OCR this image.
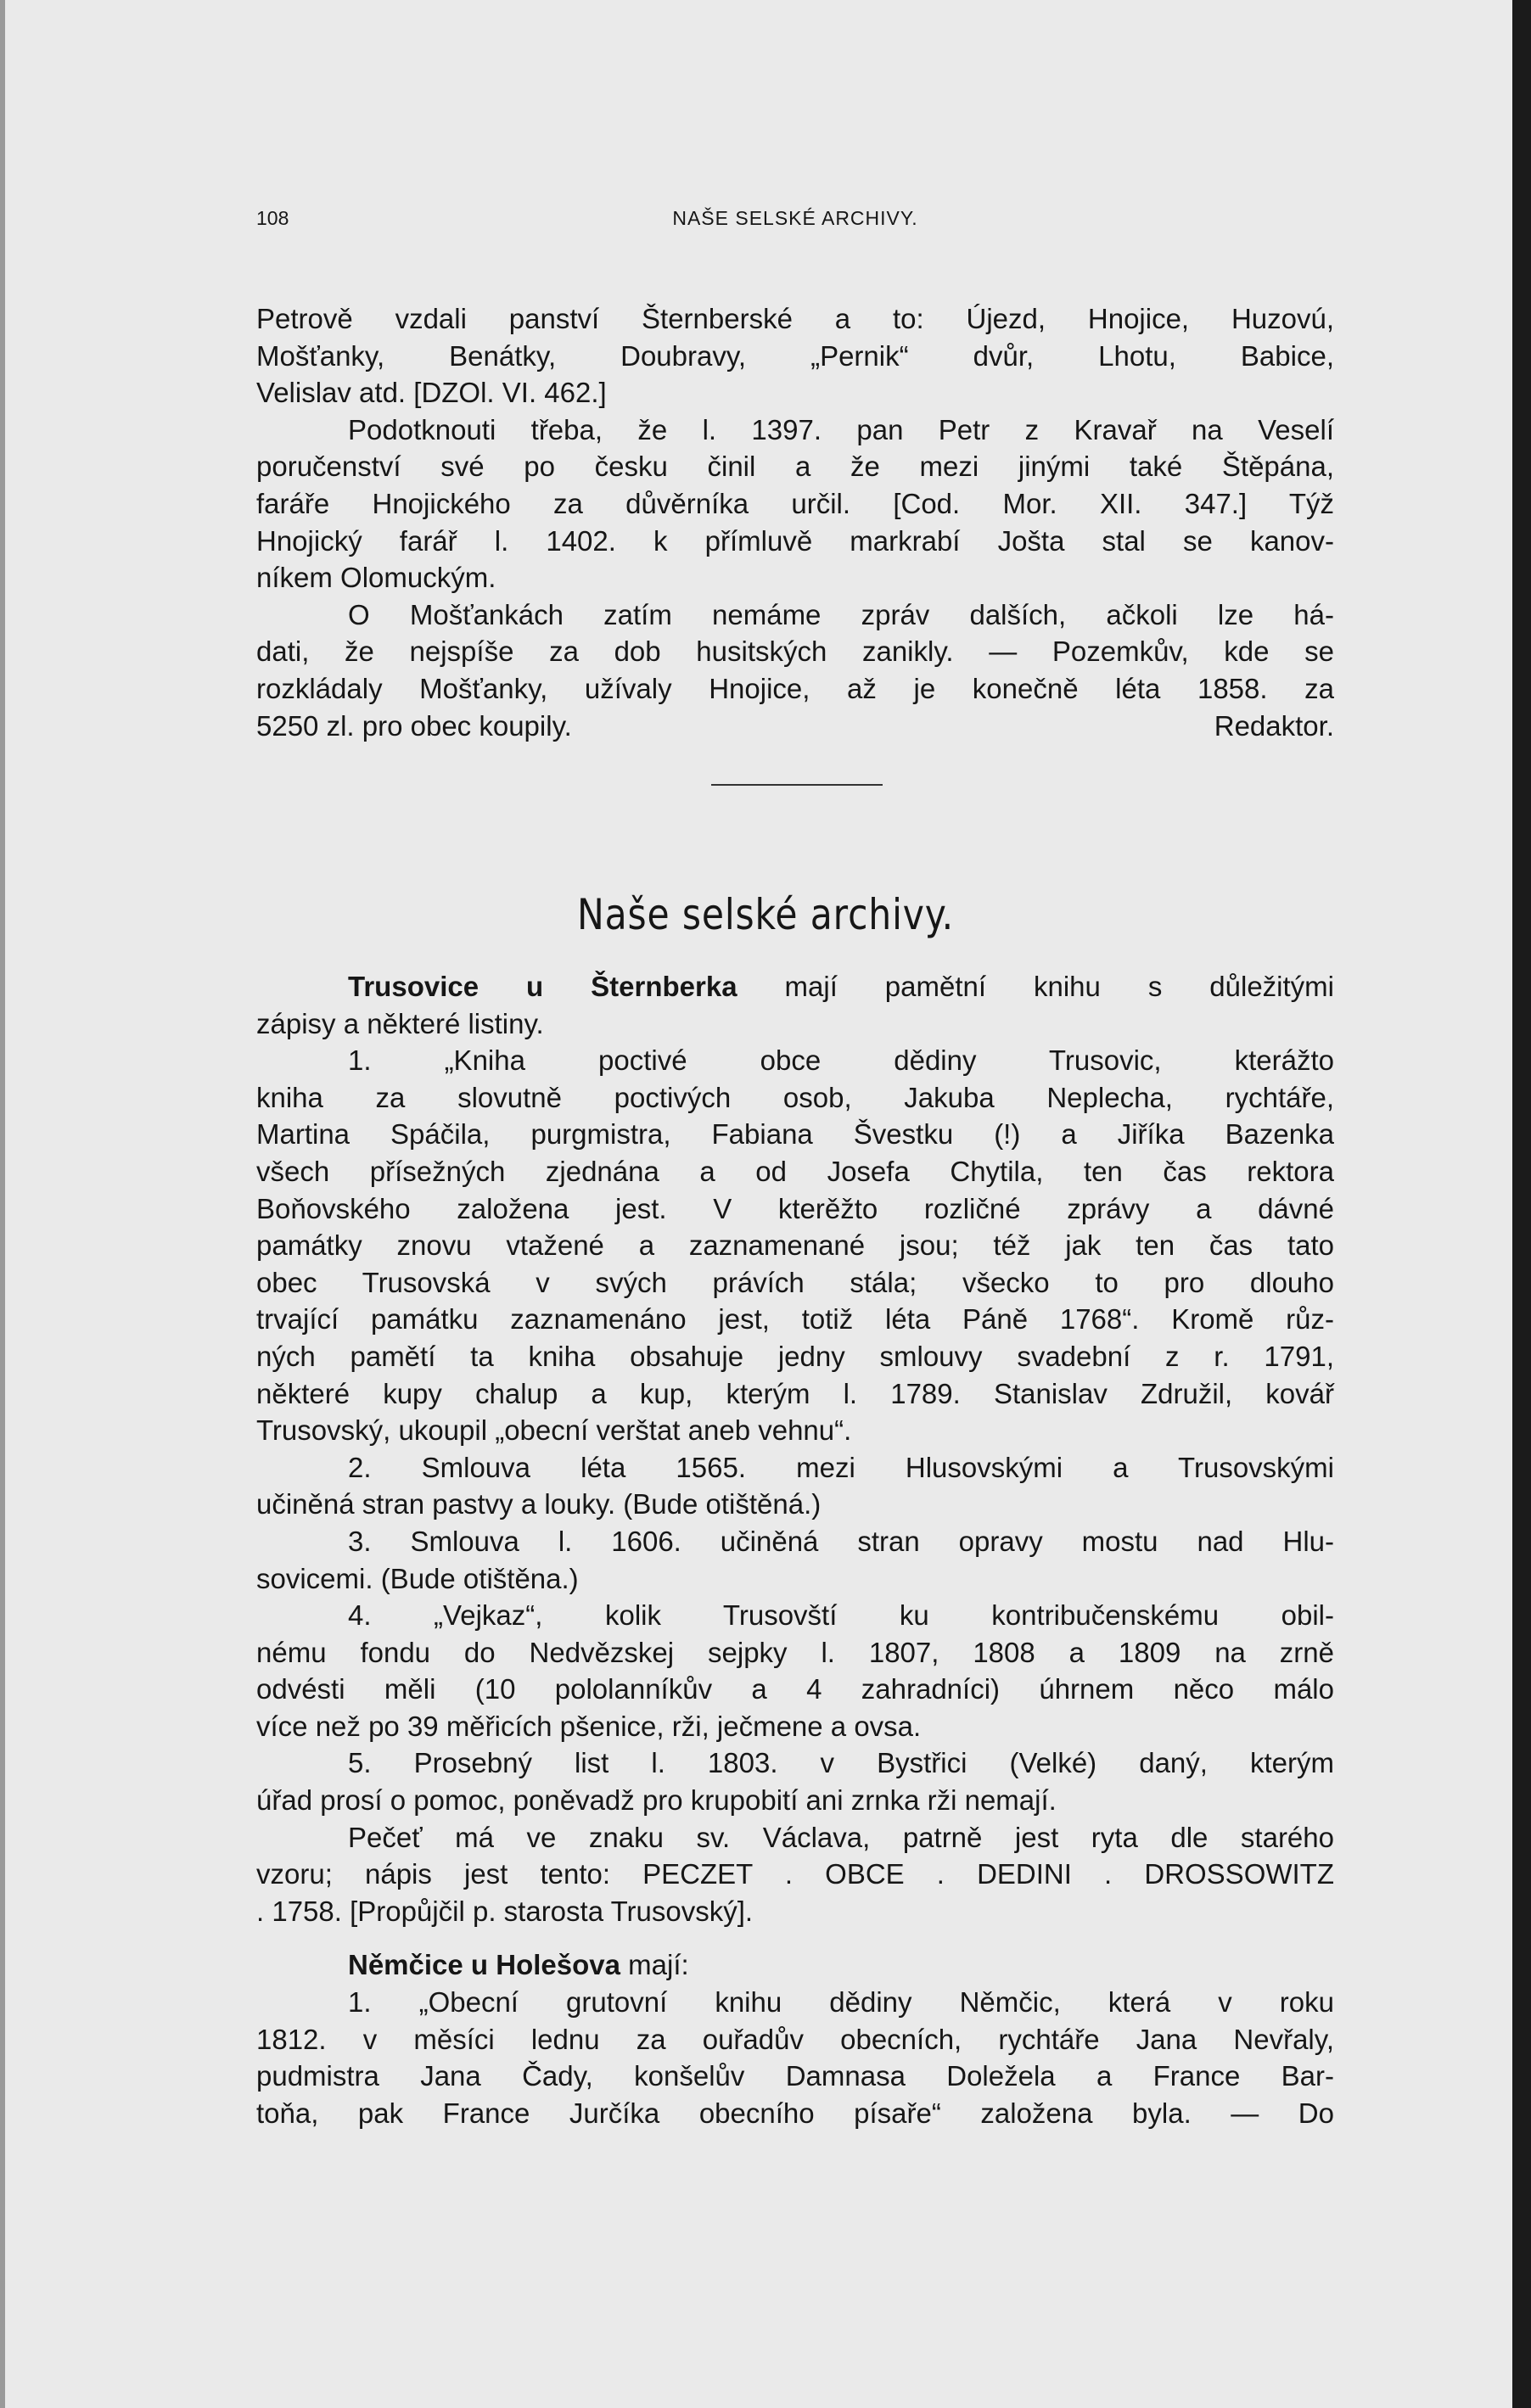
108	NAŠE SELSKÉ ARCHIVY.
Petrově vzdali panství Šternberské a to: Újezd, Hnojice, Huzovú,
Mošťanky, Benátky, Doubravy, „Pernik“ dvůr, Lhotu, Babice,
Velislav atd. [DZOl. VI. 462.]
Podotknouti třeba, že l. 1397. pan Petr z Kravař na Veselí
poručenství své po česku činil a že mezi jinými také Štěpána,
faráře Hnojického za důvěrníka určil. [Cod. Mor. XII. 347.] Týž
Hnojický farář l. 1402. k přímluvě markrabí Jošta stal se kanov-
níkem Olomuckým.
O Mošťankách zatím nemáme zpráv dalších, ačkoli lze há-
dati, že nejspíše za dob husitských zanikly. — Pozemkův, kde se
rozkládaly Mošťanky, užívaly Hnojice, až je konečně léta 1858. za
5250 zl. pro obec koupily.	Redaktor.
Naše selské archivy.
Trusovice u Šternberka mají pamětní knihu s důležitými
zápisy a některé listiny.
1. „Kniha poctivé obce dědiny Trusovic, kterážto
kniha za slovutně poctivých osob, Jakuba Neplecha, rychtáře,
Martina Spáčila, purgmistra, Fabiana Švestku (!) a Jiříka Bazenka
všech přísežných zjednána a od Josefa Chytila, ten čas rektora
Boňovského založena jest. V kterěžto rozličné zprávy a dávné
památky znovu vtažené a zaznamenané jsou; též jak ten čas tato
obec Trusovská v svých právích stála; všecko to pro dlouho
trvající památku zaznamenáno jest, totiž léta Páně 1768“. Kromě růz-
ných pamětí ta kniha obsahuje jedny smlouvy svadební z r. 1791,
některé kupy chalup a kup, kterým l. 1789. Stanislav Združil, kovář
Trusovský, ukoupil „obecní verštat aneb vehnu“.
2. Smlouva léta 1565. mezi Hlusovskými a Trusovskými
učiněná stran pastvy a louky. (Bude otištěná.)
3. Smlouva l. 1606. učiněná stran opravy mostu nad Hlu-
sovicemi. (Bude otištěna.)
4. „Vejkaz“, kolik Trusovští ku kontribučenskému obil-
nému fondu do Nedvězskej sejpky l. 1807, 1808 a 1809 na zrně
odvésti měli (10 pololanníkův a 4 zahradníci) úhrnem něco málo
více než po 39 měřicích pšenice, rži, ječmene a ovsa.
5. Prosebný list l. 1803. v Bystřici (Velké) daný, kterým
úřad prosí o pomoc, poněvadž pro krupobití ani zrnka rži nemají.
Pečeť má ve znaku sv. Václava, patrně jest ryta dle starého
vzoru; nápis jest tento: PECZET . OBCE . DEDINI . DROSSOWITZ
. 1758. [Propůjčil p. starosta Trusovský].
Němčice u Holešova mají:
1. „Obecní grutovní knihu dědiny Němčic, která v roku
1812. v měsíci lednu za ouřadův obecních, rychtáře Jana Nevřaly,
pudmistra Jana Čady, konšelův Damnasa Doležela a France Bar-
toňa, pak France Jurčíka obecního písaře“ založena byla. — Do
